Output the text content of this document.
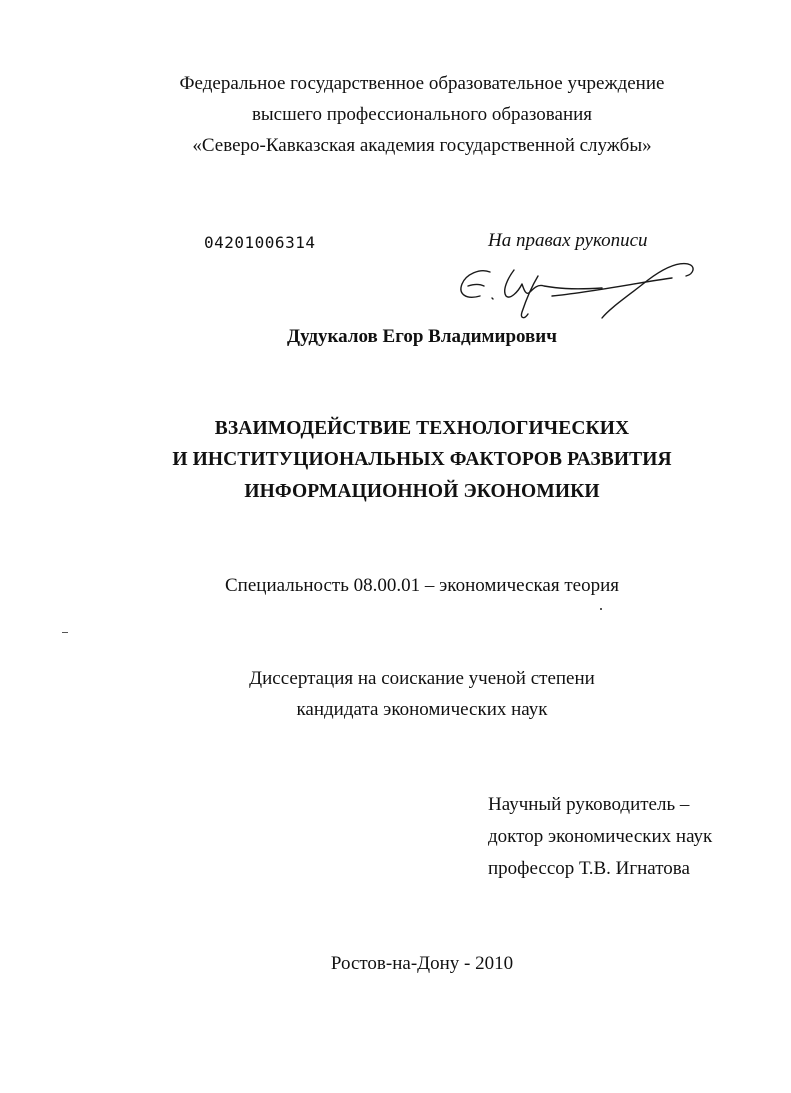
Федеральное государственное образовательное учреждение
высшего профессионального образования
«Северо-Кавказская академия государственной службы»
04201006314	На правах рукописи
Дудукалов Егор Владимирович
ВЗАИМОДЕЙСТВИЕ ТЕХНОЛОГИЧЕСКИХ
И ИНСТИТУЦИОНАЛЬНЫХ ФАКТОРОВ РАЗВИТИЯ
ИНФОРМАЦИОННОЙ ЭКОНОМИКИ
Специальность 08.00.01 – экономическая теория
Диссертация на соискание ученой степени
кандидата экономических наук
Научный руководитель –
доктор экономических наук
профессор Т.В. Игнатова
Ростов-на-Дону - 2010
